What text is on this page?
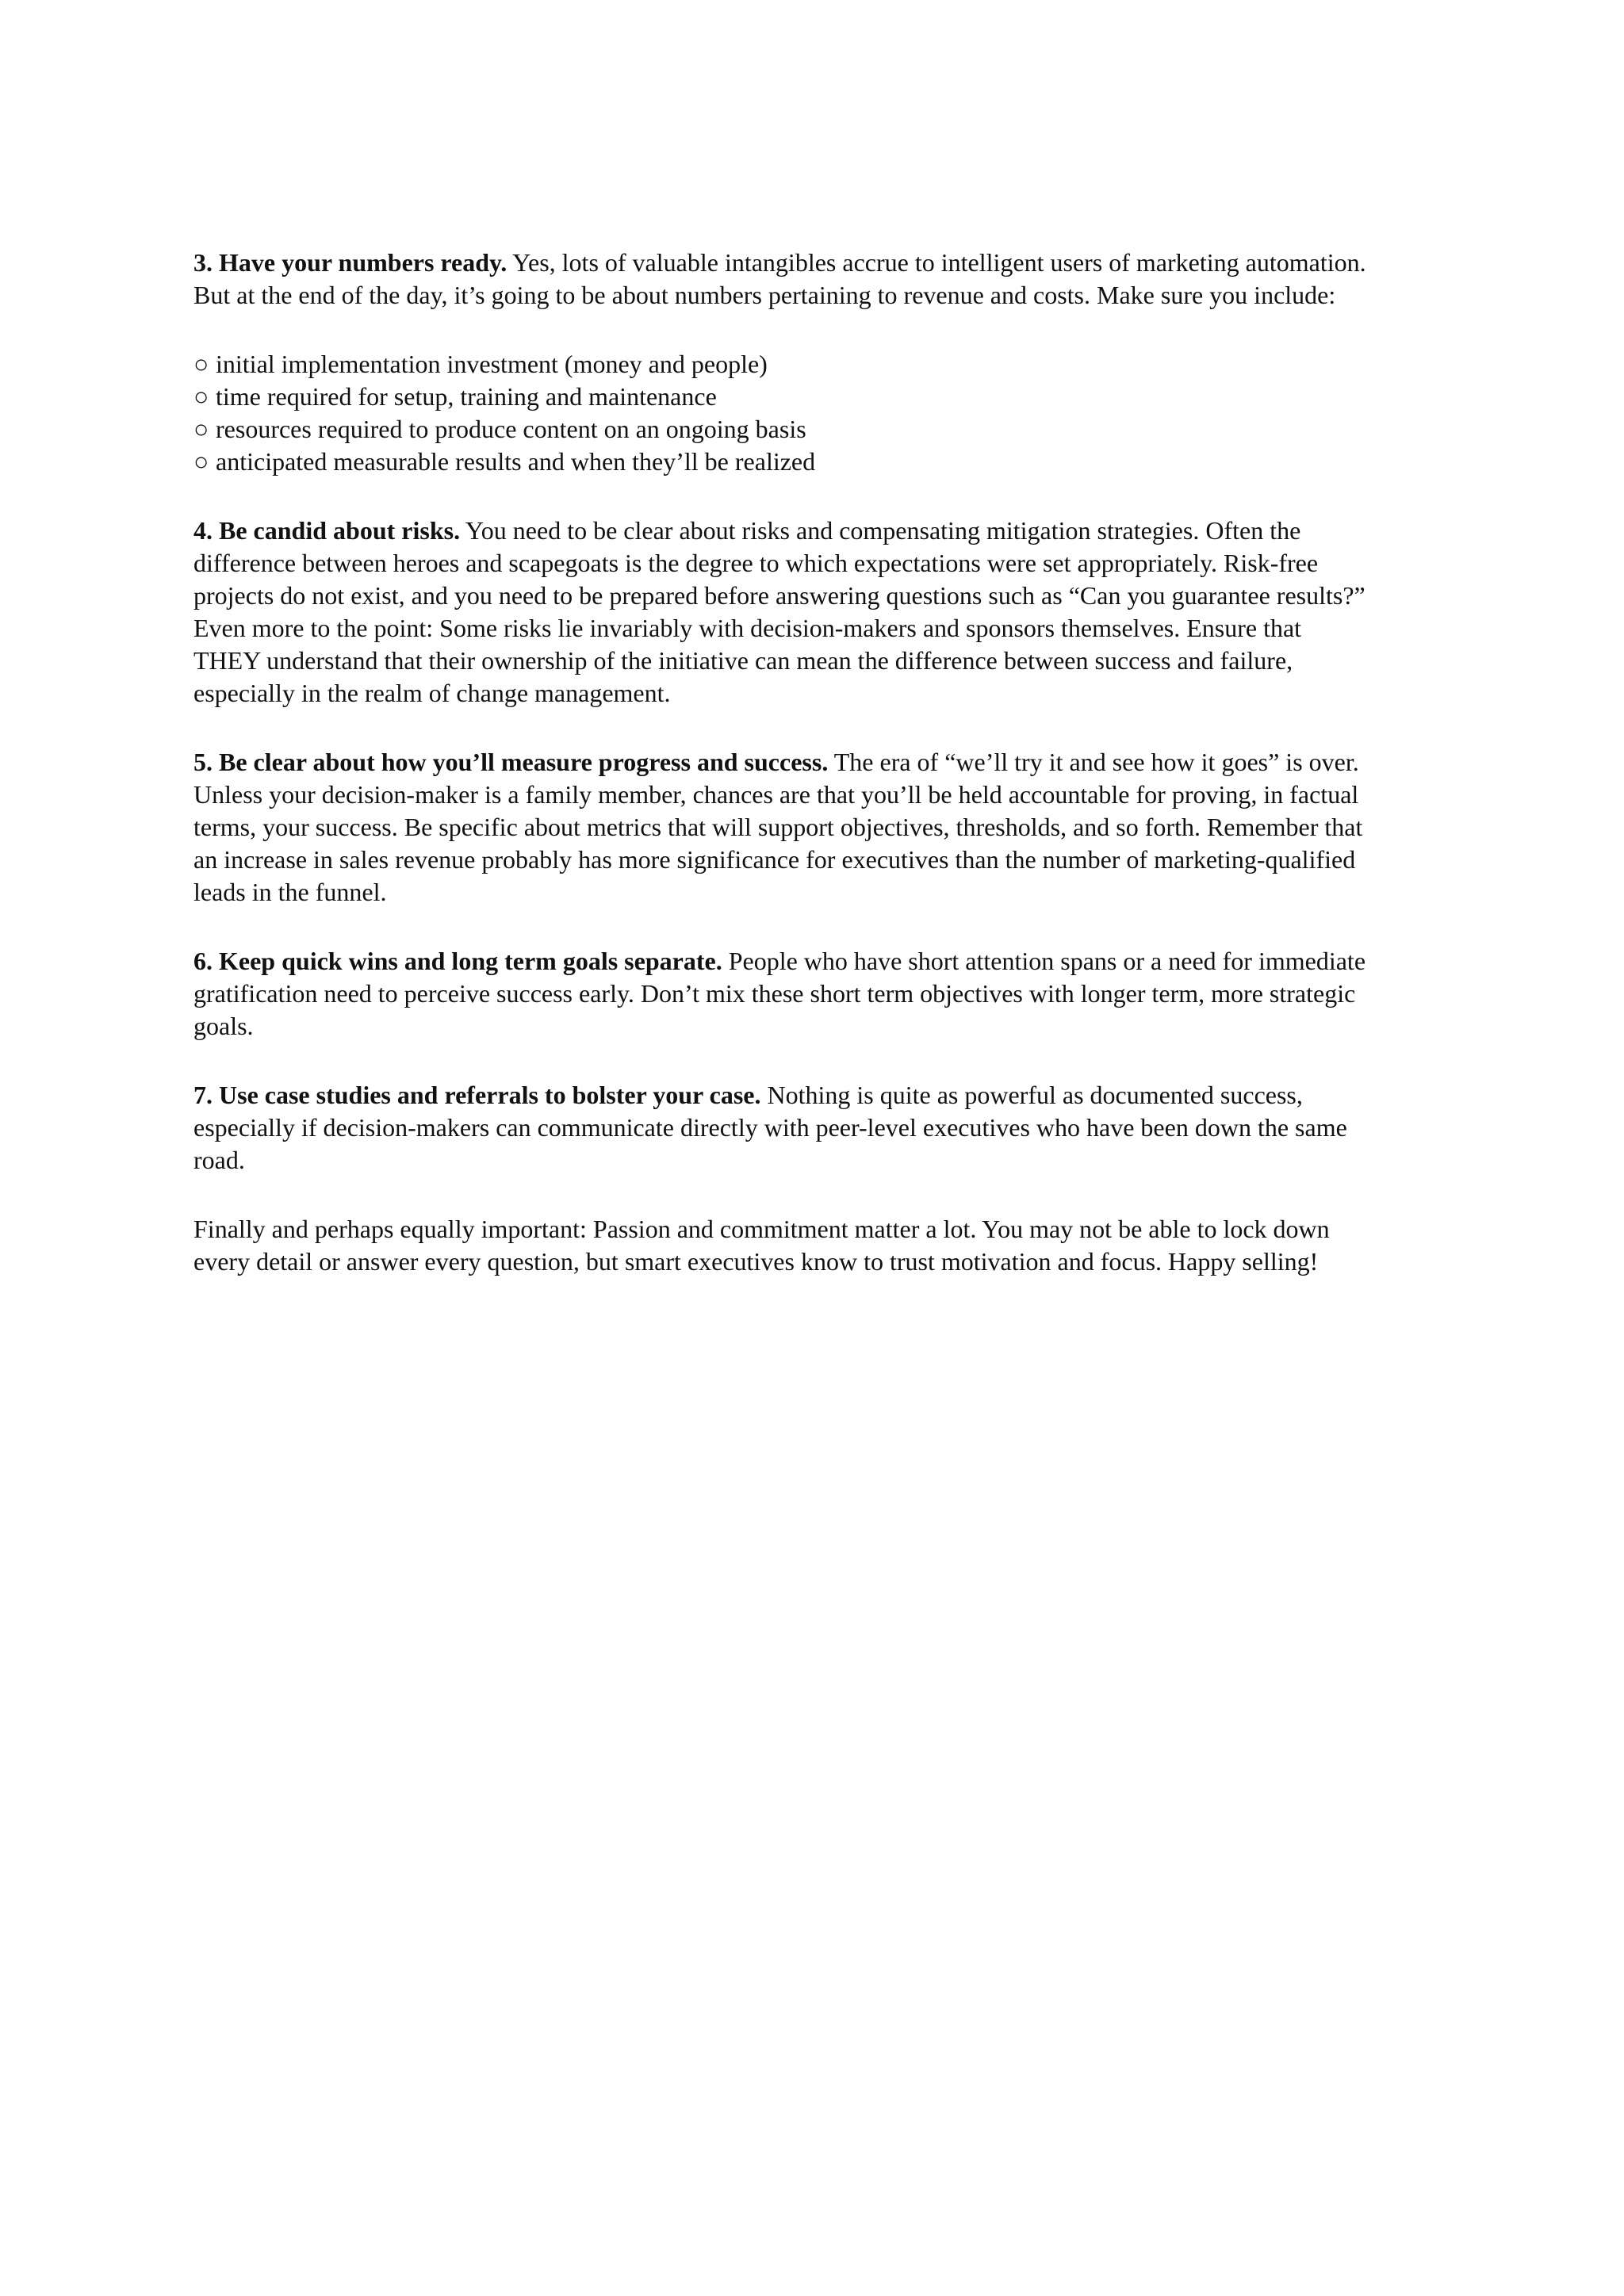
3. Have your numbers ready. Yes, lots of valuable intangibles accrue to intelligent users of marketing automation. But at the end of the day, it’s going to be about numbers pertaining to revenue and costs. Make sure you include:

○ initial implementation investment (money and people)
○ time required for setup, training and maintenance
○ resources required to produce content on an ongoing basis
○ anticipated measurable results and when they’ll be realized

4. Be candid about risks. You need to be clear about risks and compensating mitigation strategies. Often the difference between heroes and scapegoats is the degree to which expectations were set appropriately. Risk-free projects do not exist, and you need to be prepared before answering questions such as “Can you guarantee results?” Even more to the point: Some risks lie invariably with decision-makers and sponsors themselves. Ensure that THEY understand that their ownership of the initiative can mean the difference between success and failure, especially in the realm of change management.

5. Be clear about how you’ll measure progress and success. The era of “we’ll try it and see how it goes” is over. Unless your decision-maker is a family member, chances are that you’ll be held accountable for proving, in factual terms, your success. Be specific about metrics that will support objectives, thresholds, and so forth. Remember that an increase in sales revenue probably has more significance for executives than the number of marketing-qualified leads in the funnel.

6. Keep quick wins and long term goals separate. People who have short attention spans or a need for immediate gratification need to perceive success early. Don’t mix these short term objectives with longer term, more strategic goals.

7. Use case studies and referrals to bolster your case. Nothing is quite as powerful as documented success, especially if decision-makers can communicate directly with peer-level executives who have been down the same road.

Finally and perhaps equally important: Passion and commitment matter a lot. You may not be able to lock down every detail or answer every question, but smart executives know to trust motivation and focus. Happy selling!
